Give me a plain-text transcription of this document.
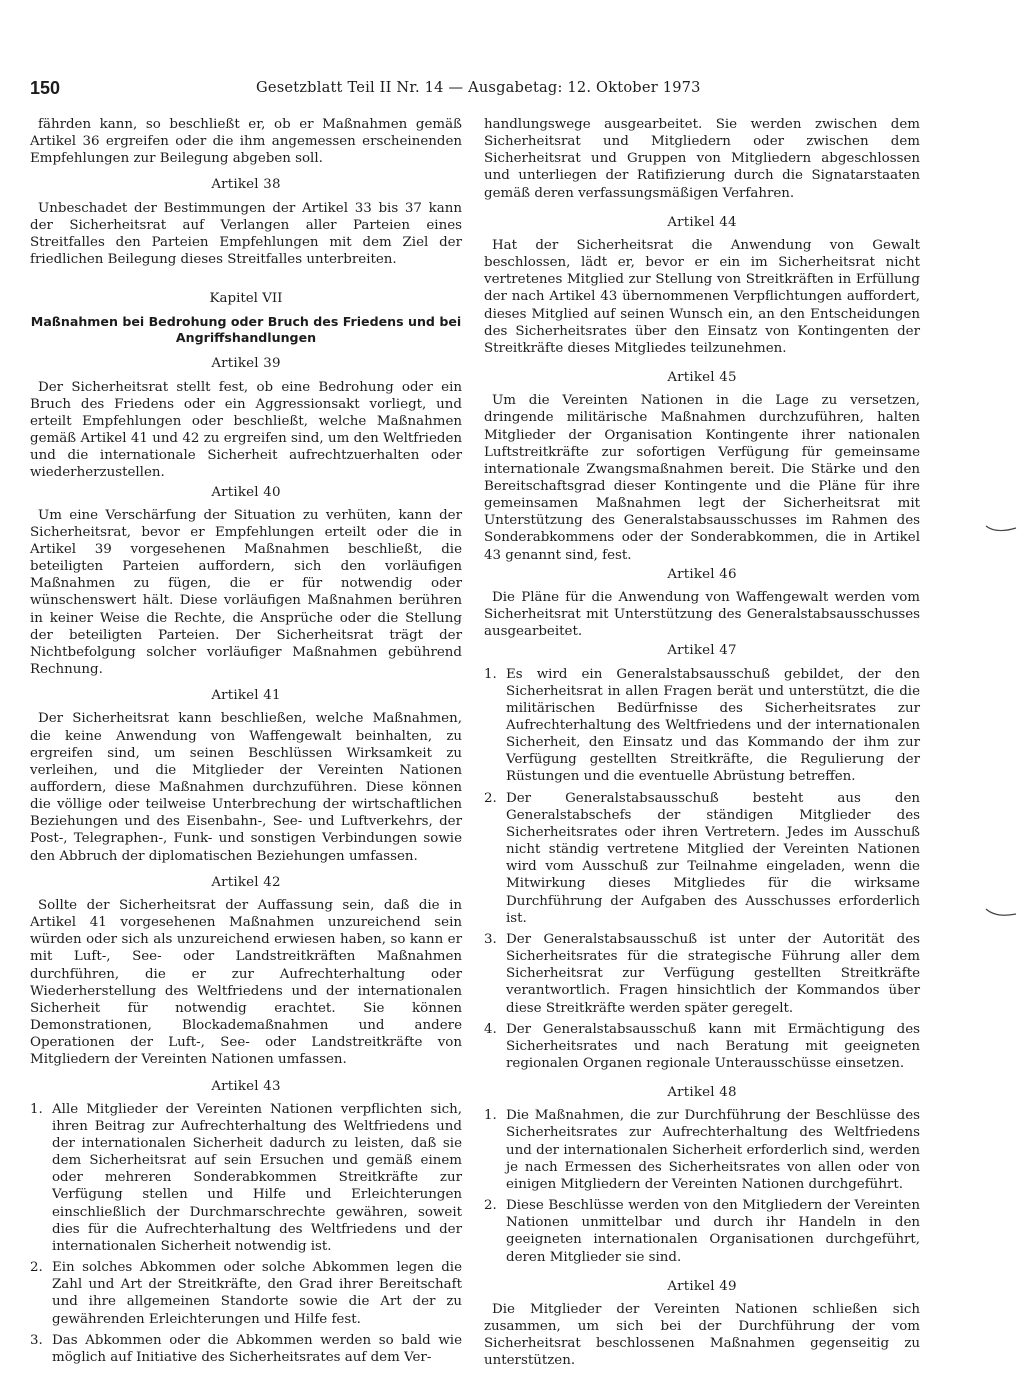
150	Gesetzblatt Teil II Nr. 14 — Ausgabetag: 12. Oktober 1973

fährden kann, so beschließt er, ob er Maßnahmen gemäß Artikel 36 ergreifen oder die ihm angemessen erscheinenden Empfehlungen zur Beilegung abgeben soll.

Artikel 38

Unbeschadet der Bestimmungen der Artikel 33 bis 37 kann der Sicherheitsrat auf Verlangen aller Parteien eines Streitfalles den Parteien Empfehlungen mit dem Ziel der friedlichen Beilegung dieses Streitfalles unterbreiten.

Kapitel VII
Maßnahmen bei Bedrohung oder Bruch des Friedens und bei Angriffshandlungen
Artikel 39

Der Sicherheitsrat stellt fest, ob eine Bedrohung oder ein Bruch des Friedens oder ein Aggressionsakt vorliegt, und erteilt Empfehlungen oder beschließt, welche Maßnahmen gemäß Artikel 41 und 42 zu ergreifen sind, um den Weltfrieden und die internationale Sicherheit aufrechtzuerhalten oder wiederherzustellen.

Artikel 40

Um eine Verschärfung der Situation zu verhüten, kann der Sicherheitsrat, bevor er Empfehlungen erteilt oder die in Artikel 39 vorgesehenen Maßnahmen beschließt, die beteiligten Parteien auffordern, sich den vorläufigen Maßnahmen zu fügen, die er für notwendig oder wünschenswert hält. Diese vorläufigen Maßnahmen berühren in keiner Weise die Rechte, die Ansprüche oder die Stellung der beteiligten Parteien. Der Sicherheitsrat trägt der Nichtbefolgung solcher vorläufiger Maßnahmen gebührend Rechnung.

Artikel 41

Der Sicherheitsrat kann beschließen, welche Maßnahmen, die keine Anwendung von Waffengewalt beinhalten, zu ergreifen sind, um seinen Beschlüssen Wirksamkeit zu verleihen, und die Mitglieder der Vereinten Nationen auffordern, diese Maßnahmen durchzuführen. Diese können die völlige oder teilweise Unterbrechung der wirtschaftlichen Beziehungen und des Eisenbahn-, See- und Luftverkehrs, der Post-, Telegraphen-, Funk- und sonstigen Verbindungen sowie den Abbruch der diplomatischen Beziehungen umfassen.

Artikel 42

Sollte der Sicherheitsrat der Auffassung sein, daß die in Artikel 41 vorgesehenen Maßnahmen unzureichend sein würden oder sich als unzureichend erwiesen haben, so kann er mit Luft-, See- oder Landstreitkräften Maßnahmen durchführen, die er zur Aufrechterhaltung oder Wiederherstellung des Weltfriedens und der internationalen Sicherheit für notwendig erachtet. Sie können Demonstrationen, Blockademaßnahmen und andere Operationen der Luft-, See- oder Landstreitkräfte von Mitgliedern der Vereinten Nationen umfassen.

Artikel 43
1. Alle Mitglieder der Vereinten Nationen verpflichten sich, ihren Beitrag zur Aufrechterhaltung des Weltfriedens und der internationalen Sicherheit dadurch zu leisten, daß sie dem Sicherheitsrat auf sein Ersuchen und gemäß einem oder mehreren Sonderabkommen Streitkräfte zur Verfügung stellen und Hilfe und Erleichterungen einschließlich der Durchmarschrechte gewähren, soweit dies für die Aufrechterhaltung des Weltfriedens und der internationalen Sicherheit notwendig ist.
2. Ein solches Abkommen oder solche Abkommen legen die Zahl und Art der Streitkräfte, den Grad ihrer Bereitschaft und ihre allgemeinen Standorte sowie die Art der zu gewährenden Erleichterungen und Hilfe fest.
3. Das Abkommen oder die Abkommen werden so bald wie möglich auf Initiative des Sicherheitsrates auf dem Ver-

handlungswege ausgearbeitet. Sie werden zwischen dem Sicherheitsrat und Mitgliedern oder zwischen dem Sicherheitsrat und Gruppen von Mitgliedern abgeschlossen und unterliegen der Ratifizierung durch die Signatarstaaten gemäß deren verfassungsmäßigen Verfahren.

Artikel 44

Hat der Sicherheitsrat die Anwendung von Gewalt beschlossen, lädt er, bevor er ein im Sicherheitsrat nicht vertretenes Mitglied zur Stellung von Streitkräften in Erfüllung der nach Artikel 43 übernommenen Verpflichtungen auffordert, dieses Mitglied auf seinen Wunsch ein, an den Entscheidungen des Sicherheitsrates über den Einsatz von Kontingenten der Streitkräfte dieses Mitgliedes teilzunehmen.

Artikel 45

Um die Vereinten Nationen in die Lage zu versetzen, dringende militärische Maßnahmen durchzuführen, halten Mitglieder der Organisation Kontingente ihrer nationalen Luftstreitkräfte zur sofortigen Verfügung für gemeinsame internationale Zwangsmaßnahmen bereit. Die Stärke und den Bereitschaftsgrad dieser Kontingente und die Pläne für ihre gemeinsamen Maßnahmen legt der Sicherheitsrat mit Unterstützung des Generalstabsausschusses im Rahmen des Sonderabkommens oder der Sonderabkommen, die in Artikel 43 genannt sind, fest.

Artikel 46

Die Pläne für die Anwendung von Waffengewalt werden vom Sicherheitsrat mit Unterstützung des Generalstabsausschusses ausgearbeitet.

Artikel 47
1. Es wird ein Generalstabsausschuß gebildet, der den Sicherheitsrat in allen Fragen berät und unterstützt, die die militärischen Bedürfnisse des Sicherheitsrates zur Aufrechterhaltung des Weltfriedens und der internationalen Sicherheit, den Einsatz und das Kommando der ihm zur Verfügung gestellten Streitkräfte, die Regulierung der Rüstungen und die eventuelle Abrüstung betreffen.
2. Der Generalstabsausschuß besteht aus den Generalstabschefs der ständigen Mitglieder des Sicherheitsrates oder ihren Vertretern. Jedes im Ausschuß nicht ständig vertretene Mitglied der Vereinten Nationen wird vom Ausschuß zur Teilnahme eingeladen, wenn die Mitwirkung dieses Mitgliedes für die wirksame Durchführung der Aufgaben des Ausschusses erforderlich ist.
3. Der Generalstabsausschuß ist unter der Autorität des Sicherheitsrates für die strategische Führung aller dem Sicherheitsrat zur Verfügung gestellten Streitkräfte verantwortlich. Fragen hinsichtlich der Kommandos über diese Streitkräfte werden später geregelt.
4. Der Generalstabsausschuß kann mit Ermächtigung des Sicherheitsrates und nach Beratung mit geeigneten regionalen Organen regionale Unterausschüsse einsetzen.
Artikel 48
1. Die Maßnahmen, die zur Durchführung der Beschlüsse des Sicherheitsrates zur Aufrechterhaltung des Weltfriedens und der internationalen Sicherheit erforderlich sind, werden je nach Ermessen des Sicherheitsrates von allen oder von einigen Mitgliedern der Vereinten Nationen durchgeführt.
2. Diese Beschlüsse werden von den Mitgliedern der Vereinten Nationen unmittelbar und durch ihr Handeln in den geeigneten internationalen Organisationen durchgeführt, deren Mitglieder sie sind.
Artikel 49

Die Mitglieder der Vereinten Nationen schließen sich zusammen, um sich bei der Durchführung der vom Sicherheitsrat beschlossenen Maßnahmen gegenseitig zu unterstützen.
